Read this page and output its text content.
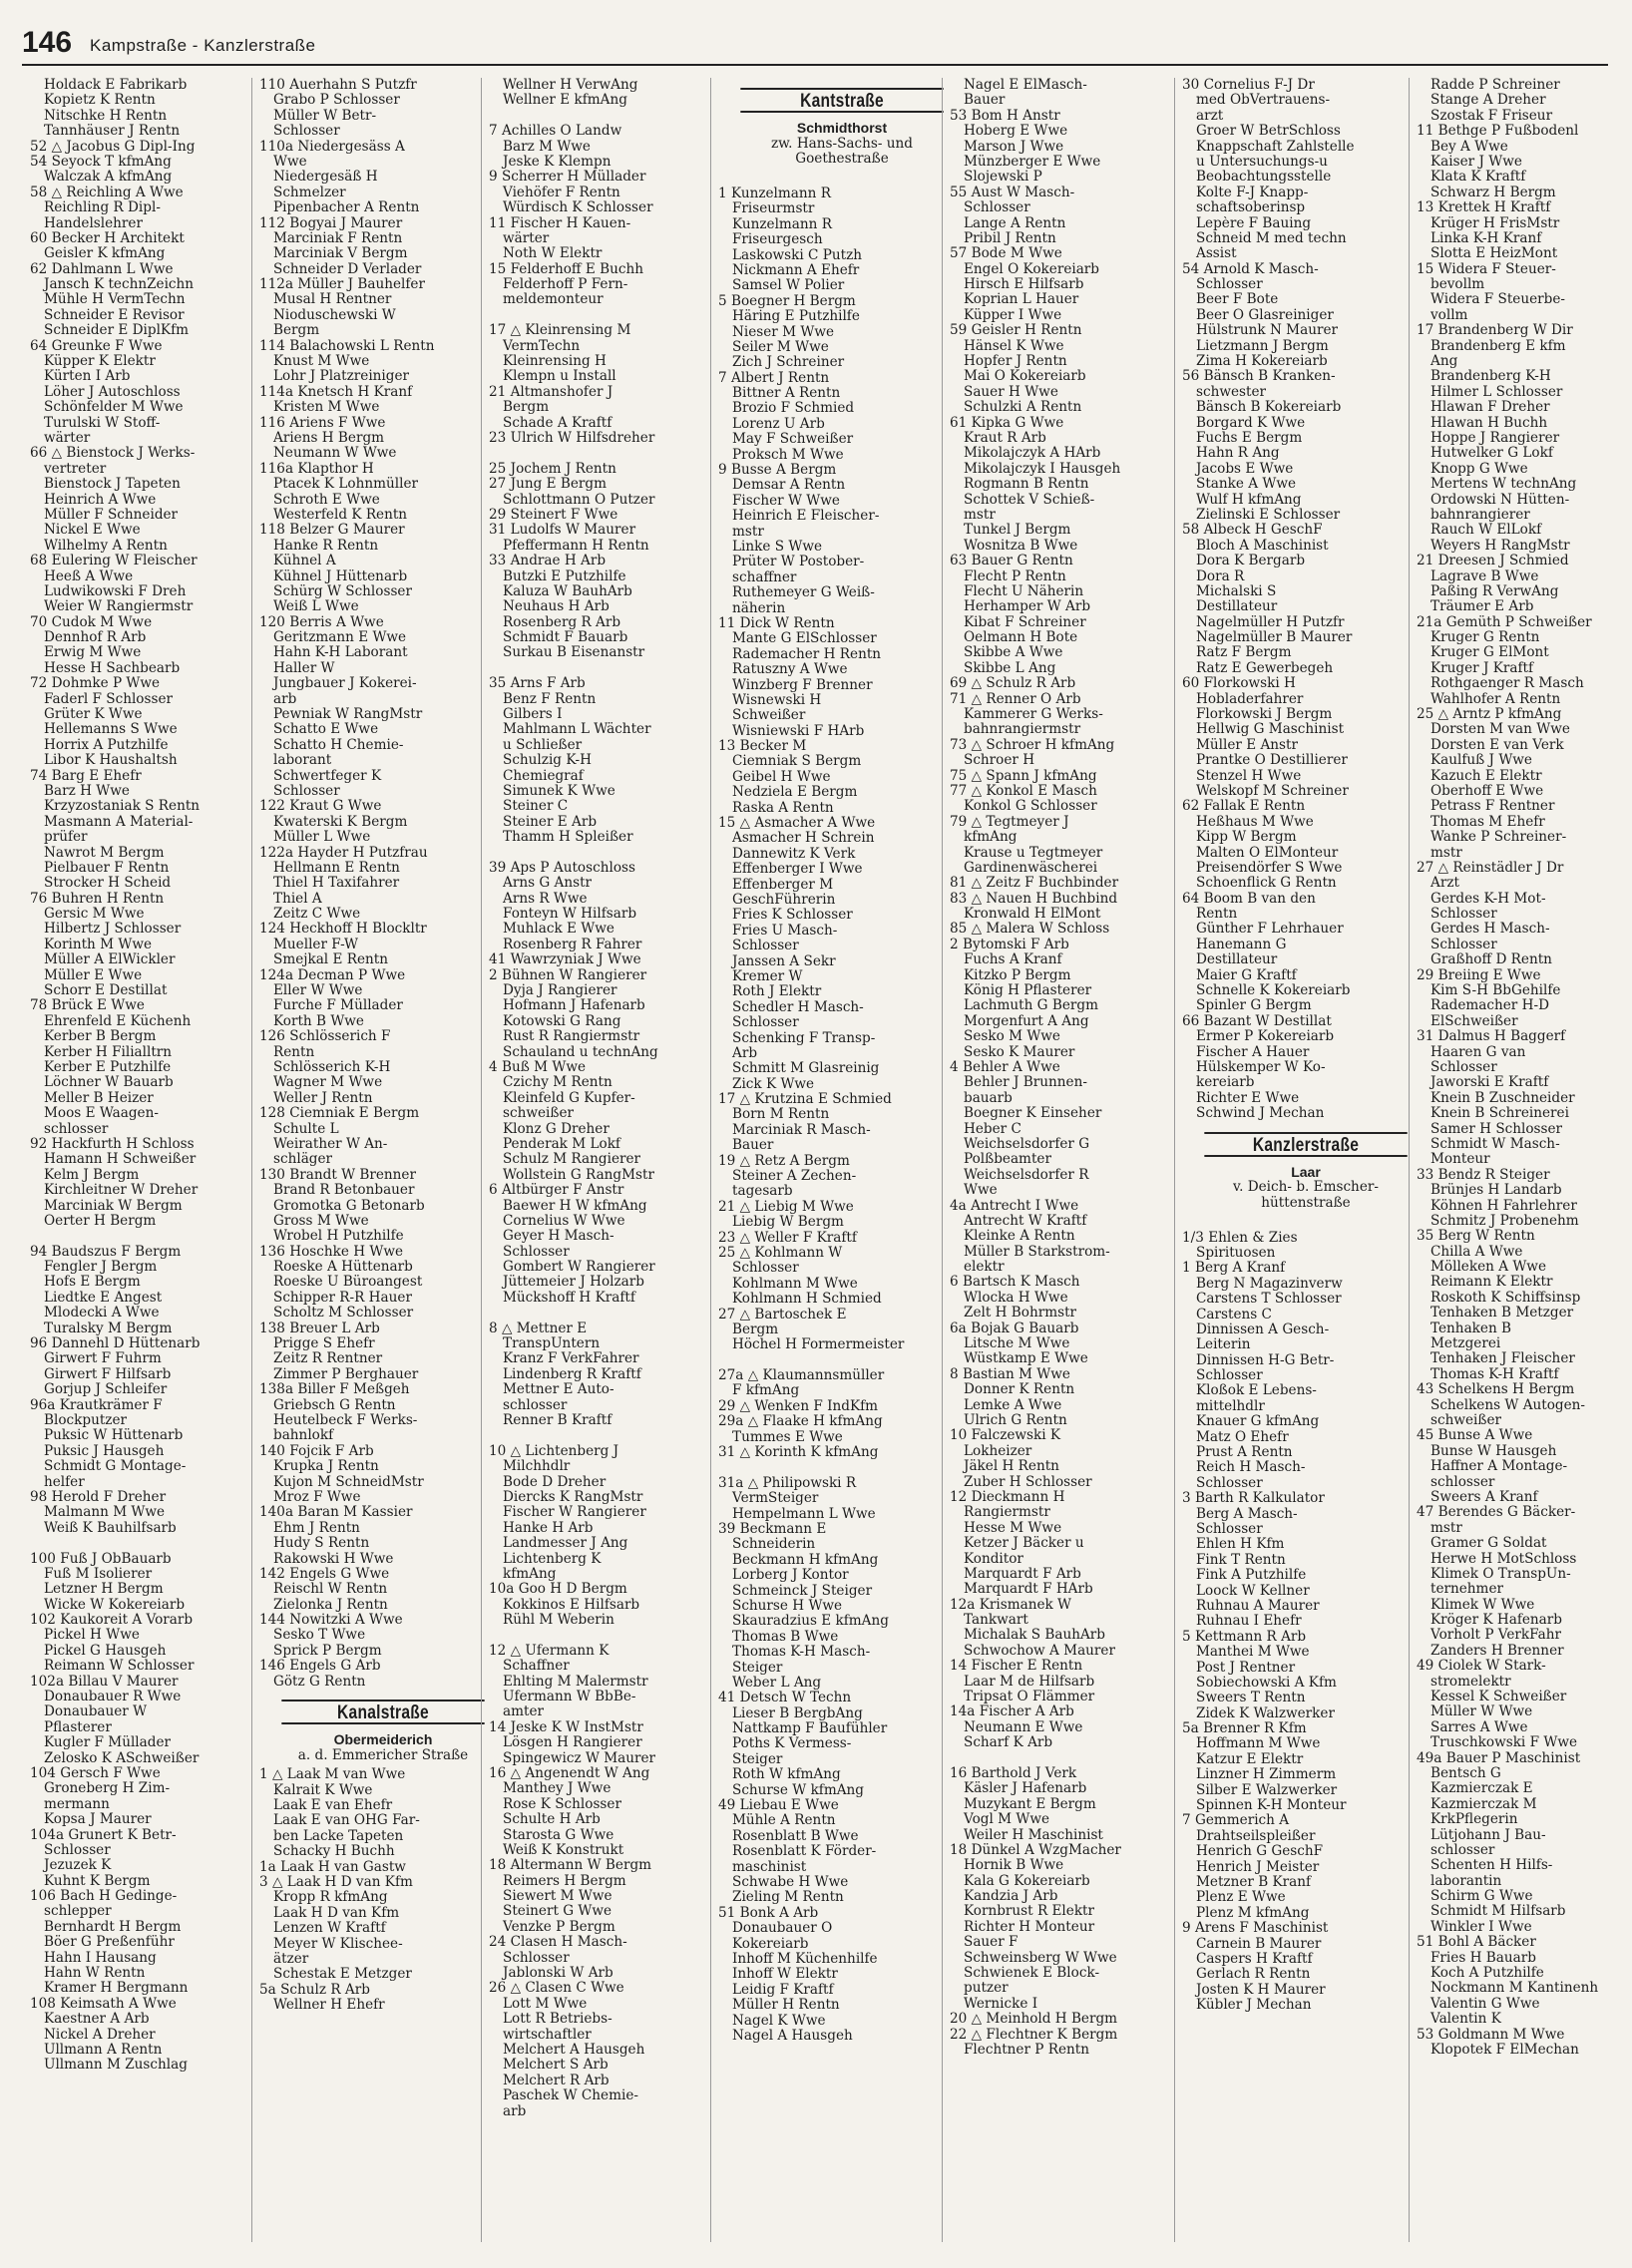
146 Kampstraße - Kanzlerstraße
Holdack E Fabrikarb
Kopietz K Rentn
Nitschke H Rentn
Tannhäuser J Rentn
52 △ Jacobus G Dipl-Ing
54 Seyock T kfmAng
Walczak A kfmAng
58 △ Reichling A Wwe
Reichling R Dipl-
Handelslehrer
60 Becker H Architekt
Geisler K kfmAng
62 Dahlmann L Wwe
Jansch K technZeichn
Mühle H VermTechn
Schneider E Revisor
Schneider E DiplKfm
64 Greunke F Wwe
Küpper K Elektr
Kürten I Arb
Löher J Autoschloss
Schönfelder M Wwe
Turulski W Stoff-
wärter
66 △ Bienstock J Werks-
vertreter
Bienstock J Tapeten
Heinrich A Wwe
Müller F Schneider
Nickel E Wwe
Wilhelmy A Rentn
68 Eulering W Fleischer
Heeß A Wwe
Ludwikowski F Dreh
Weier W Rangiermstr
70 Cudok M Wwe
Dennhof R Arb
Erwig M Wwe
Hesse H Sachbearb
72 Dohmke P Wwe
Faderl F Schlosser
Grüter K Wwe
Hellemanns S Wwe
Horrix A Putzhilfe
Libor K Haushaltsh
74 Barg E Ehefr
Barz H Wwe
Krzyzostaniak S Rentn
Masmann A Material-
prüfer
Nawrot M Bergm
Pielbauer F Rentn
Strocker H Scheid
76 Buhren H Rentn
Gersic M Wwe
Hilbertz J Schlosser
Korinth M Wwe
Müller A ElWickler
Müller E Wwe
Schorr E Destillat
78 Brück E Wwe
Ehrenfeld E Küchenh
Kerber B Bergm
Kerber H Filialltrn
Kerber E Putzhilfe
Löchner W Bauarb
Meller B Heizer
Moos E Waagen-
schlosser
92 Hackfurth H Schloss
Hamann H Schweißer
Kelm J Bergm
Kirchleitner W Dreher
Marciniak W Bergm
Oerter H Bergm
94 Baudszus F Bergm
Fengler J Bergm
Hofs E Bergm
Liedtke E Angest
Mlodecki A Wwe
Turalsky M Bergm
96 Dannehl D Hüttenarb
Girwert F Fuhrm
Girwert F Hilfsarb
Gorjup J Schleifer
96a Krautkrämer F
Blockputzer
Puksic W Hüttenarb
Puksic J Hausgeh
Schmidt G Montage-
helfer
98 Herold F Dreher
Malmann M Wwe
Weiß K Bauhilfsarb
100 Fuß J ObBauarb
Fuß M Isolierer
Letzner H Bergm
Wicke W Kokereiarb
102 Kaukoreit A Vorarb
Pickel H Wwe
Pickel G Hausgeh
Reimann W Schlosser
102a Billau V Maurer
Donaubauer R Wwe
Donaubauer W
Pflasterer
Kugler F Müllader
Zelosko K ASchweißer
104 Gersch F Wwe
Groneberg H Zim-
mermann
Kopsa J Maurer
104a Grunert K Betr-
Schlosser
Jezuzek K
Kuhnt K Bergm
106 Bach H Gedinge-
schlepper
Bernhardt H Bergm
Böer G Preßenführ
Hahn I Hausang
Hahn W Rentn
Kramer H Bergmann
108 Keimsath A Wwe
Kaestner A Arb
Nickel A Dreher
Ullmann A Rentn
Ullmann M Zuschlag
110 Auerhahn S Putzfr
Grabo P Schlosser
Müller W Betr-
Schlosser
110a Niedergesäss A
Wwe
Niedergesäß H
Schmelzer
Pipenbacher A Rentn
112 Bogyai J Maurer
Marciniak F Rentn
Marciniak V Bergm
Schneider D Verlader
112a Müller J Bauhelfer
Musal H Rentner
Nioduschewski W
Bergm
114 Balachowski L Rentn
Knust M Wwe
Lohr J Platzreiniger
114a Knetsch H Kranf
Kristen M Wwe
116 Ariens F Wwe
Ariens H Bergm
Neumann W Wwe
116a Klapthor H
Ptacek K Lohnmüller
Schroth E Wwe
Westerfeld K Rentn
118 Belzer G Maurer
Hanke R Rentn
Kühnel A
Kühnel J Hüttenarb
Schürg W Schlosser
Weiß L Wwe
120 Berris A Wwe
Geritzmann E Wwe
Hahn K-H Laborant
Haller W
Jungbauer J Kokerei-
arb
Pewniak W RangMstr
Schatto E Wwe
Schatto H Chemie-
laborant
Schwertfeger K
Schlosser
122 Kraut G Wwe
Kwaterski K Bergm
Müller L Wwe
122a Hayder H Putzfrau
Hellmann E Rentn
Thiel H Taxifahrer
Thiel A
Zeitz C Wwe
124 Heckhoff H Blockltr
Mueller F-W
Smejkal E Rentn
124a Decman P Wwe
Eller W Wwe
Furche F Müllader
Korth B Wwe
126 Schlösserich F
Rentn
Schlösserich K-H
Wagner M Wwe
Weller J Rentn
128 Ciemniak E Bergm
Schulte L
Weirather W An-
schläger
130 Brandt W Brenner
Brand R Betonbauer
Gromotka G Betonarb
Gross M Wwe
Wrobel H Putzhilfe
136 Hoschke H Wwe
Roeske A Hüttenarb
Roeske U Büroangest
Schipper R-R Hauer
Scholtz M Schlosser
138 Breuer L Arb
Prigge S Ehefr
Zeitz R Rentner
Zimmer P Berghauer
138a Biller F Meßgeh
Griebsch G Rentn
Heutelbeck F Werks-
bahnlokf
140 Fojcik F Arb
Krupka J Rentn
Kujon M SchneidMstr
Mroz F Wwe
140a Baran M Kassier
Ehm J Rentn
Hudy S Rentn
Rakowski H Wwe
142 Engels G Wwe
Reischl W Rentn
Zielonka J Rentn
144 Nowitzki A Wwe
Sesko T Wwe
Sprick P Bergm
146 Engels G Arb
Götz G Rentn
Kanalstraße
Obermeiderich
a. d. Emmericher Straße
1 △ Laak M van Wwe
Kalrait K Wwe
Laak E van Ehefr
Laak E van OHG Far-
ben Lacke Tapeten
Schacky H Buchh
1a Laak H van Gastw
3 △ Laak H D van Kfm
Kropp R kfmAng
Laak H D van Kfm
Lenzen W Kraftf
Meyer W Klischee-
ätzer
Schestak E Metzger
5a Schulz R Arb
Wellner H Ehefr
Wellner H VerwAng
Wellner E kfmAng
7 Achilles O Landw
Barz M Wwe
Jeske K Klempn
9 Scherrer H Müllader
Viehöfer F Rentn
Würdisch K Schlosser
11 Fischer H Kauen-
wärter
Noth W Elektr
15 Felderhoff E Buchh
Felderhoff P Fern-
meldemonteur
17 △ Kleinrensing M
VermTechn
Kleinrensing H
Klempn u Install
21 Altmanshofer J
Bergm
Schade A Kraftf
23 Ulrich W Hilfsdreher
25 Jochem J Rentn
27 Jung E Bergm
Schlottmann O Putzer
29 Steinert F Wwe
31 Ludolfs W Maurer
Pfeffermann H Rentn
33 Andrae H Arb
Butzki E Putzhilfe
Kaluza W BauhArb
Neuhaus H Arb
Rosenberg R Arb
Schmidt F Bauarb
Surkau B Eisenanstr
35 Arns F Arb
Benz F Rentn
Gilbers I
Mahlmann L Wächter
u Schließer
Schulzig K-H
Chemiegraf
Simunek K Wwe
Steiner C
Steiner E Arb
Thamm H Spleißer
39 Aps P Autoschloss
Arns G Anstr
Arns R Wwe
Fonteyn W Hilfsarb
Muhlack E Wwe
Rosenberg R Fahrer
41 Wawrzyniak J Wwe
2 Bühnen W Rangierer
Dyja J Rangierer
Hofmann J Hafenarb
Kotowski G Rang
Rust R Rangiermstr
Schauland u technAng
4 Buß M Wwe
Czichy M Rentn
Kleinfeld G Kupfer-
schweißer
Klonz G Dreher
Penderak M Lokf
Schulz M Rangierer
Wollstein G RangMstr
6 Altbürger F Anstr
Baewer H W kfmAng
Cornelius W Wwe
Geyer H Masch-
Schlosser
Gombert W Rangierer
Jüttemeier J Holzarb
Mückshoff H Kraftf
8 △ Mettner E
TranspUntern
Kranz F VerkFahrer
Lindenberg R Kraftf
Mettner E Auto-
schlosser
Renner B Kraftf
10 △ Lichtenberg J
Milchhdlr
Bode D Dreher
Diercks K RangMstr
Fischer W Rangierer
Hanke H Arb
Landmesser J Ang
Lichtenberg K
kfmAng
10a Goo H D Bergm
Kokkinos E Hilfsarb
Rühl M Weberin
12 △ Ufermann K
Schaffner
Ehlting M Malermstr
Ufermann W BbBe-
amter
14 Jeske K W InstMstr
Lösgen H Rangierer
Spingewicz W Maurer
16 △ Angenendt W Ang
Manthey J Wwe
Rose K Schlosser
Schulte H Arb
Starosta G Wwe
Weiß K Konstrukt
18 Altermann W Bergm
Reimers H Bergm
Siewert M Wwe
Steinert G Wwe
Venzke P Bergm
24 Clasen H Masch-
Schlosser
Jablonski W Arb
26 △ Clasen C Wwe
Lott M Wwe
Lott R Betriebs-
wirtschaftler
Melchert A Hausgeh
Melchert S Arb
Melchert R Arb
Paschek W Chemie-
arb
Kantstraße
Schmidthorst
zw. Hans-Sachs- und
Goethestraße
1 Kunzelmann R
Friseurmstr
Kunzelmann R
Friseurgesch
Laskowski C Putzh
Nickmann A Ehefr
Samsel W Polier
5 Boegner H Bergm
Häring E Putzhilfe
Nieser M Wwe
Seiler M Wwe
Zich J Schreiner
7 Albert J Rentn
Bittner A Rentn
Brozio F Schmied
Lorenz U Arb
May F Schweißer
Proksch M Wwe
9 Busse A Bergm
Demsar A Rentn
Fischer W Wwe
Heinrich E Fleischer-
mstr
Linke S Wwe
Prüter W Postober-
schaffner
Ruthemeyer G Weiß-
näherin
11 Dick W Rentn
Mante G ElSchlosser
Rademacher H Rentn
Ratuszny A Wwe
Winzberg F Brenner
Wisnewski H
Schweißer
Wisniewski F HArb
13 Becker M
Ciemniak S Bergm
Geibel H Wwe
Nedziela E Bergm
Raska A Rentn
15 △ Asmacher A Wwe
Asmacher H Schrein
Dannewitz K Verk
Effenberger I Wwe
Effenberger M
GeschFührerin
Fries K Schlosser
Fries U Masch-
Schlosser
Janssen A Sekr
Kremer W
Roth J Elektr
Schedler H Masch-
Schlosser
Schenking F Transp-
Arb
Schmitt M Glasreinig
Zick K Wwe
17 △ Krutzina E Schmied
Born M Rentn
Marciniak R Masch-
Bauer
19 △ Retz A Bergm
Steiner A Zechen-
tagesarb
21 △ Liebig M Wwe
Liebig W Bergm
23 △ Weller F Kraftf
25 △ Kohlmann W
Schlosser
Kohlmann M Wwe
Kohlmann H Schmied
27 △ Bartoschek E
Bergm
Höchel H Formermeister
27a △ Klaumannsmüller
F kfmAng
29 △ Wenken F IndKfm
29a △ Flaake H kfmAng
Tummes E Wwe
31 △ Korinth K kfmAng
31a △ Philipowski R
VermSteiger
Hempelmann L Wwe
39 Beckmann E
Schneiderin
Beckmann H kfmAng
Lorberg J Kontor
Schmeinck J Steiger
Schurse H Wwe
Skauradzius E kfmAng
Thomas B Wwe
Thomas K-H Masch-
Steiger
Weber L Ang
41 Detsch W Techn
Lieser B BergbAng
Nattkamp F Baufühler
Poths K Vermess-
Steiger
Roth W kfmAng
Schurse W kfmAng
49 Liebau E Wwe
Mühle A Rentn
Rosenblatt B Wwe
Rosenblatt K Förder-
maschinist
Schwabe H Wwe
Zieling M Rentn
51 Bonk A Arb
Donaubauer O
Kokereiarb
Inhoff M Küchenhilfe
Inhoff W Elektr
Leidig F Kraftf
Müller H Rentn
Nagel K Wwe
Nagel A Hausgeh
Nagel E ElMasch-
Bauer
53 Bom H Anstr
Hoberg E Wwe
Marson J Wwe
Münzberger E Wwe
Slojewski P
55 Aust W Masch-
Schlosser
Lange A Rentn
Pribil J Rentn
57 Bode M Wwe
Engel O Kokereiarb
Hirsch E Hilfsarb
Koprian L Hauer
Küpper I Wwe
59 Geisler H Rentn
Hänsel K Wwe
Hopfer J Rentn
Mai O Kokereiarb
Sauer H Wwe
Schulzki A Rentn
61 Kipka G Wwe
Kraut R Arb
Mikolajczyk A HArb
Mikolajczyk I Hausgeh
Rogmann B Rentn
Schottek V Schieß-
mstr
Tunkel J Bergm
Wosnitza B Wwe
63 Bauer G Rentn
Flecht P Rentn
Flecht U Näherin
Herhamper W Arb
Kibat F Schreiner
Oelmann H Bote
Skibbe A Wwe
Skibbe L Ang
69 △ Schulz R Arb
71 △ Renner O Arb
Kammerer G Werks-
bahnrangiermstr
73 △ Schroer H kfmAng
Schroer H
75 △ Spann J kfmAng
77 △ Konkol E Masch
Konkol G Schlosser
79 △ Tegtmeyer J
kfmAng
Krause u Tegtmeyer
Gardinenwäscherei
81 △ Zeitz F Buchbinder
83 △ Nauen H Buchbind
Kronwald H ElMont
85 △ Malera W Schloss
2 Bytomski F Arb
Fuchs A Kranf
Kitzko P Bergm
König H Pflasterer
Lachmuth G Bergm
Morgenfurt A Ang
Sesko M Wwe
Sesko K Maurer
4 Behler A Wwe
Behler J Brunnen-
bauarb
Boegner K Einseher
Heber C
Weichselsdorfer G
Polßbeamter
Weichselsdorfer R
Wwe
4a Antrecht I Wwe
Antrecht W Kraftf
Kleinke A Rentn
Müller B Starkstrom-
elektr
6 Bartsch K Masch
Wlocka H Wwe
Zelt H Bohrmstr
6a Bojak G Bauarb
Litsche M Wwe
Wüstkamp E Wwe
8 Bastian M Wwe
Donner K Rentn
Lemke A Wwe
Ulrich G Rentn
10 Falczewski K
Lokheizer
Jäkel H Rentn
Zuber H Schlosser
12 Dieckmann H
Rangiermstr
Hesse M Wwe
Ketzer J Bäcker u
Konditor
Marquardt F Arb
Marquardt F HArb
12a Krismanek W
Tankwart
Michalak S BauhArb
Schwochow A Maurer
14 Fischer E Rentn
Laar M de Hilfsarb
Tripsat O Flämmer
14a Fischer A Arb
Neumann E Wwe
Scharf K Arb
16 Barthold J Verk
Käsler J Hafenarb
Muzykant E Bergm
Vogl M Wwe
Weiler H Maschinist
18 Dünkel A WzgMacher
Hornik B Wwe
Kala G Kokereiarb
Kandzia J Arb
Kornbrust R Elektr
Richter H Monteur
Sauer F
Schweinsberg W Wwe
Schwienek E Block-
putzer
Wernicke I
20 △ Meinhold H Bergm
22 △ Flechtner K Bergm
Flechtner P Rentn
30 Cornelius F-J Dr
med ObVertrauens-
arzt
Groer W BetrSchloss
Knappschaft Zahlstelle
u Untersuchungs-u
Beobachtungsstelle
Kolte F-J Knapp-
schaftsoberinsp
Lepère F Bauing
Schneid M med techn
Assist
54 Arnold K Masch-
Schlosser
Beer F Bote
Beer O Glasreiniger
Hülstrunk N Maurer
Lietzmann J Bergm
Zima H Kokereiarb
56 Bänsch B Kranken-
schwester
Bänsch B Kokereiarb
Borgard K Wwe
Fuchs E Bergm
Hahn R Ang
Jacobs E Wwe
Stanke A Wwe
Wulf H kfmAng
Zielinski E Schlosser
58 Albeck H GeschF
Bloch A Maschinist
Dora K Bergarb
Dora R
Michalski S
Destillateur
Nagelmüller H Putzfr
Nagelmüller B Maurer
Ratz F Bergm
Ratz E Gewerbegeh
60 Florkowski H
Hobladerfahrer
Florkowski J Bergm
Hellwig G Maschinist
Müller E Anstr
Prantke O Destillierer
Stenzel H Wwe
Welskopf M Schreiner
62 Fallak E Rentn
Heßhaus M Wwe
Kipp W Bergm
Malten O ElMonteur
Preisendörfer S Wwe
Schoenflick G Rentn
64 Boom B van den
Rentn
Günther F Lehrhauer
Hanemann G
Destillateur
Maier G Kraftf
Schnelle K Kokereiarb
Spinler G Bergm
66 Bazant W Destillat
Ermer P Kokereiarb
Fischer A Hauer
Hülskemper W Ko-
kereiarb
Richter E Wwe
Schwind J Mechan
Kanzlerstraße
Laar
v. Deich- b. Emscher-
hüttenstraße
1/3 Ehlen & Zies
Spirituosen
1 Berg A Kranf
Berg N Magazinverw
Carstens T Schlosser
Carstens C
Dinnissen A Gesch-
Leiterin
Dinnissen H-G Betr-
Schlosser
Kloßok E Lebens-
mittelhdlr
Knauer G kfmAng
Matz O Ehefr
Prust A Rentn
Reich H Masch-
Schlosser
3 Barth R Kalkulator
Berg A Masch-
Schlosser
Ehlen H Kfm
Fink T Rentn
Fink A Putzhilfe
Loock W Kellner
Ruhnau A Maurer
Ruhnau I Ehefr
5 Kettmann R Arb
Manthei M Wwe
Post J Rentner
Sobiechowski A Kfm
Sweers T Rentn
Zidek K Walzwerker
5a Brenner R Kfm
Hoffmann M Wwe
Katzur E Elektr
Linzner H Zimmerm
Silber E Walzwerker
Spinnen K-H Monteur
7 Gemmerich A
Drahtseilspleißer
Henrich G GeschF
Henrich J Meister
Metzner B Kranf
Plenz E Wwe
Plenz M kfmAng
9 Arens F Maschinist
Carnein B Maurer
Caspers H Kraftf
Gerlach R Rentn
Josten K H Maurer
Kübler J Mechan
Radde P Schreiner
Stange A Dreher
Szostak F Friseur
11 Bethge P Fußbodenl
Bey A Wwe
Kaiser J Wwe
Klata K Kraftf
Schwarz H Bergm
13 Krettek H Kraftf
Krüger H FrisMstr
Linka K-H Kranf
Slotta E HeizMont
15 Widera F Steuer-
bevollm
Widera F Steuerbe-
vollm
17 Brandenberg W Dir
Brandenberg E kfm
Ang
Brandenberg K-H
Hilmer L Schlosser
Hlawan F Dreher
Hlawan H Buchh
Hoppe J Rangierer
Hutwelker G Lokf
Knopp G Wwe
Mertens W technAng
Ordowski N Hütten-
bahnrangierer
Rauch W ElLokf
Weyers H RangMstr
21 Dreesen J Schmied
Lagrave B Wwe
Paßing R VerwAng
Träumer E Arb
21a Gemüth P Schweißer
Kruger G Rentn
Kruger G ElMont
Kruger J Kraftf
Rothgaenger R Masch
Wahlhofer A Rentn
25 △ Arntz P kfmAng
Dorsten M van Wwe
Dorsten E van Verk
Kaulfuß J Wwe
Kazuch E Elektr
Oberhoff E Wwe
Petrass F Rentner
Thomas M Ehefr
Wanke P Schreiner-
mstr
27 △ Reinstädler J Dr
Arzt
Gerdes K-H Mot-
Schlosser
Gerdes H Masch-
Schlosser
Graßhoff D Rentn
29 Breiing E Wwe
Kim S-H BbGehilfe
Rademacher H-D
ElSchweißer
31 Dalmus H Baggerf
Haaren G van
Schlosser
Jaworski E Kraftf
Knein B Zuschneider
Knein B Schreinerei
Samer H Schlosser
Schmidt W Masch-
Monteur
33 Bendz R Steiger
Brünjes H Landarb
Köhnen H Fahrlehrer
Schmitz J Probenehm
35 Berg W Rentn
Chilla A Wwe
Mölleken A Wwe
Reimann K Elektr
Roskoth K Schiffsinsp
Tenhaken B Metzger
Tenhaken B
Metzgerei
Tenhaken J Fleischer
Thomas K-H Kraftf
43 Schelkens H Bergm
Schelkens W Autogen-
schweißer
45 Bunse A Wwe
Bunse W Hausgeh
Haffner A Montage-
schlosser
Sweers A Kranf
47 Berendes G Bäcker-
mstr
Gramer G Soldat
Herwe H MotSchloss
Klimek O TranspUn-
ternehmer
Klimek W Wwe
Kröger K Hafenarb
Vorholt P VerkFahr
Zanders H Brenner
49 Ciolek W Stark-
stromelektr
Kessel K Schweißer
Müller W Wwe
Sarres A Wwe
Truschkowski F Wwe
49a Bauer P Maschinist
Bentsch G
Kazmierczak E
Kazmierczak M
KrkPflegerin
Lütjohann J Bau-
schlosser
Schenten H Hilfs-
laborantin
Schirm G Wwe
Schmidt M Hilfsarb
Winkler I Wwe
51 Bohl A Bäcker
Fries H Bauarb
Koch A Putzhilfe
Nockmann M Kantinenh
Valentin G Wwe
Valentin K
53 Goldmann M Wwe
Klopotek F ElMechan
